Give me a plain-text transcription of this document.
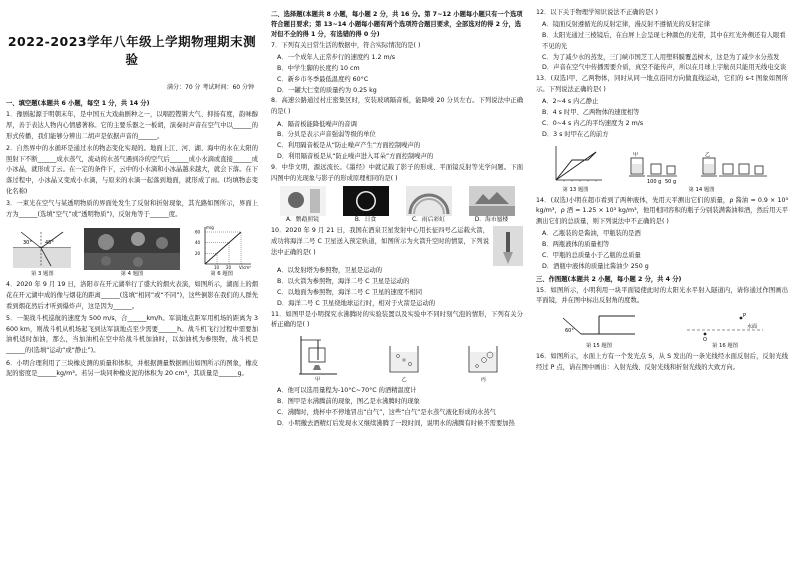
2022-2023学年八年级上学期物理期末测验
满分：70 分 考试时间：60 分钟
一、填空题(本题共 6 小题，每空 1 分，共 14 分)
1．豫剧起源于明朝末年，是中国五大戏曲剧种之一，以唱腔铿锵大气、抑扬有度，韵味醇厚，善于表达人物内心情感著称。它的主要乐器之一板胡，演奏时声音在空气中以______的形式传播，我们能够分辨出二胡声是依据声音的______。
2．自然界中的水循环是通过水的物态变化实现的。地面上江、河、湖、海中的水在太阳的照射下不断______成水蒸气，流动的水蒸气遇到冷的空气后______成小水滴或直接______成小冰晶，就形成了云。在一定的条件下，云中的小水滴和小冰晶越来越大，就会下落。在下落过程中，小冰晶又变成小水滴，与原来的水滴一起落到地面，就形成了雨。(均填物态变化名称)
3．一束光在空气与某透明物质的界面处发生了反射和折射现象，其光路如图所示，界面上方为______(选填“空气”或“透明物质”)，反射角等于______度。
45°
30°
第 3 题图	第 4 题图
m/g
V/cm³
60
40
20
10 20
第 6 题图
4．2020 年 9 月 19 日，洛阳市在开元湖举行了盛大的烟火表演，如图所示，湖面上的烟花在开元湖中成的像与烟花的距离______(选填“相同”或“不同”)，这些倒影在我们的人群先看到烟花然后才听到爆炸声，这是因为______。
5．一架战斗机巡航的速度为 500 m/s，合______km/h。军演地点距军用机场的距离为 3 600 km，则战斗机从机场起飞到达军演地点至少需要______h。战斗机飞行过程中需要加油机适时加油，那么，当加油机在空中给战斗机加油时，以加油机为参照物，战斗机是______的(选填“运动”或“静止”)。
6．小明合理利用了三块橡皮测的质量和体积，并根据测量数据画出如图所示的图象，橡皮泥的密度是______kg/m³。若另一块同种橡皮泥的体积为 20 cm³，其质量是______g。
二、选择题(本题共 8 小题，每小题 2 分，共 16 分。第 7~12 小题每小题只有一个选项符合题目要求；第 13~14 小题每小题有两个选项符合题目要求，全部选对的得 2 分，选对但不全的得 1 分，有选错的得 0 分)
7．下列有关日常生活的数据中，符合实际情况的是( )
A．一个成年人正常步行的速度约 1.2 m/s
B．中学生脚的长度约 10 cm
C．新乡市冬季最低温度约 60°C
D．一罐大仁堂的质量约为 0.25 kg
8．高速公路通过村庄密集区时，安装玻璃隔音板，能降噪 20 分贝左右。下列说法中正确的是( )
A．隔音板能降低噪声的音调
B．分贝是表示声音强弱等级的单位
C．利用隔音板是从“防止噪声产生”方面控制噪声的
D．利用隔音板是从“防止噪声进入耳朵”方面控制噪声的
9．中华文明，源远流长。《墨经》中就记载了影子的形成、平面镜反射等光学问题。下面四图中的光现象与影子的形成原理相同的是( )
A．鹦鹉照镜	B．日食	C．雨后彩虹	D．海市蜃楼
10．2020 年 9 月 21 日，我国在酒泉卫星发射中心用长征四号乙运载火箭，成功将海洋二号 C 卫星送入预定轨道，如图所示为火箭升空时的情景，下列说法中正确的是( )
A．以发射塔为参照物，卫星是运动的
B．以火箭为参照物，海洋二号 C 卫星是运动的
C．以地面为参照物，海洋二号 C 卫星的速度不相同
D．海洋二号 C 卫星绕地球运行时，相对于火箭是运动的
11．如图甲是小明探究水沸腾时的实验装置以及实验中不同时刻气泡的情形，下列有关分析正确的是( )
甲	乙	丙
A．他可以选用量程为-10°C~70°C 的酒精温度计
B．图甲是水沸腾前的现象，图乙是水沸腾时的现象
C．沸腾时，烧杯中不停地冒出“白气”，这些“白气”是水蒸气液化形成的水蒸气
D．小明撤去酒精灯后发现水又继续沸腾了一段时间，说明水的沸腾有时候不需要加热
12．以下关于物理学知识说法不正确的是( )
A．镜面反射遵循光的反射定律，漫反射不遵循光的反射定律
B．太阳光通过三棱镜后，在白屏上会呈现七种颜色的光带，其中在红光外侧还有人眼看不见的光
C．为了减少水的蒸发，三门峡市国芝工人用塑料膜覆盖树木，这是为了减少水分蒸发
D．声音在空气中传播需要介质，真空不能传声，所以在月球上宇航员只能用无线电交谈
13．(双选)甲、乙两物体，同时从同一地点沿同方向做直线运动，它们的 s-t 图象如图所示。下列说法正确的是( )
A．2~4 s 内乙静止
B．4 s 时甲、乙两物体的速度相等
C．0~4 s 内乙的平均速度为 2 m/s
D．3 s 时甲在乙的前方
第 13 题图
100 g 50 g
甲	乙
第 14 题图
14．(双选)小明在超市看到了两种液体，先用天平测出它们的质量，ρ 酱油 = 0.9 × 10³ kg/m³，ρ 酒 = 1.25 × 10³ kg/m³，他用相同容积的瓶子分别装满酱油和酒，然后用天平测出它们的总质量，则下列说法中不正确的是( )
A．乙瓶装的是酱油，甲瓶装的是酒
B．两瓶液体的质量相等
C．甲瓶的总质量小于乙瓶的总质量
D．酒瓶中液体的质量比酱油少 250 g
三、作图题(本题共 2 小题，每小题 2 分，共 4 分)
15．如图所示，小明利用一块平面镜使此时的太阳光水平射入隧道内，请你通过作图画出平面镜，并在图中标出反射角的度数。
60°
第 15 题图
O
P
水面
第 16 题图
16．如图所示，水面上方有一个发光点 S，从 S 发出的一条光线经水面反射后，反射光线经过 P 点，请在图中画出：入射光线、反射光线和折射光线的大致方向。
